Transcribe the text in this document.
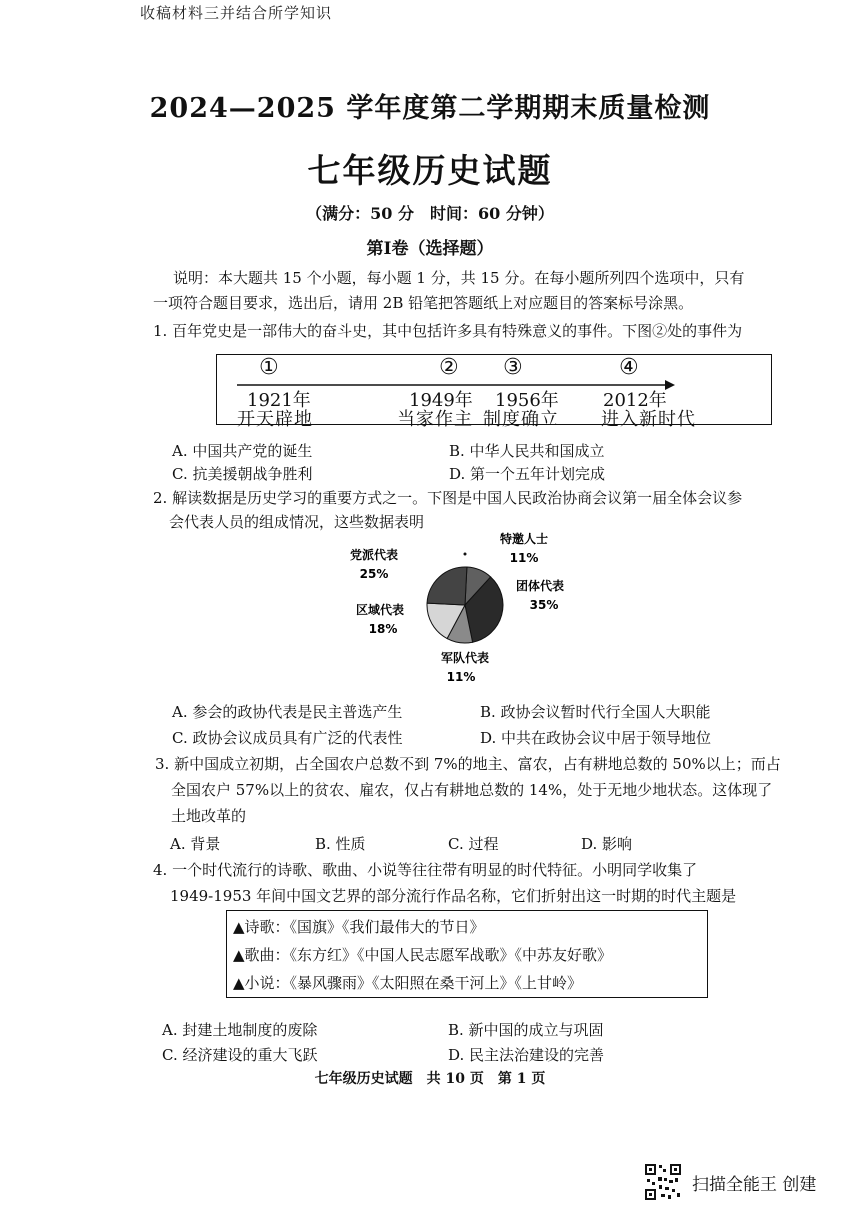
收稿材料三并结合所学知识
2024—2025 学年度第二学期期末质量检测
七年级历史试题
（满分：50 分　时间：60 分钟）
第Ⅰ卷（选择题）
说明：本大题共 15 个小题，每小题 1 分，共 15 分。在每小题所列四个选项中，只有
一项符合题目要求，选出后，请用 2B 铅笔把答题纸上对应题目的答案标号涂黑。
1. 百年党史是一部伟大的奋斗史，其中包括许多具有特殊意义的事件。下图②处的事件为
①
1921年
开天辟地
②
1949年
当家作主
③
1956年
制度确立
④
2012年
进入新时代
A. 中国共产党的诞生	B. 中华人民共和国成立
C. 抗美援朝战争胜利	D. 第一个五年计划完成
2. 解读数据是历史学习的重要方式之一。下图是中国人民政治协商会议第一届全体会议参
会代表人员的组成情况，这些数据表明
特邀人士
11%
团体代表
35%
军队代表
11%
区域代表
18%
党派代表
25%
A. 参会的政协代表是民主普选产生	B. 政协会议暂时代行全国人大职能
C. 政协会议成员具有广泛的代表性	D. 中共在政协会议中居于领导地位
3. 新中国成立初期，占全国农户总数不到 7%的地主、富农，占有耕地总数的 50%以上；而占
全国农户 57%以上的贫农、雇农，仅占有耕地总数的 14%，处于无地少地状态。这体现了
土地改革的
A. 背景	B. 性质	C. 过程	D. 影响
4. 一个时代流行的诗歌、歌曲、小说等往往带有明显的时代特征。小明同学收集了
1949-1953 年间中国文艺界的部分流行作品名称，它们折射出这一时期的时代主题是
▲诗歌：《国旗》《我们最伟大的节日》
▲歌曲：《东方红》《中国人民志愿军战歌》《中苏友好歌》
▲小说：《暴风骤雨》《太阳照在桑干河上》《上甘岭》
A. 封建土地制度的废除	B. 新中国的成立与巩固
C. 经济建设的重大飞跃	D. 民主法治建设的完善
七年级历史试题　共 10 页　第 1 页
扫描全能王 创建
